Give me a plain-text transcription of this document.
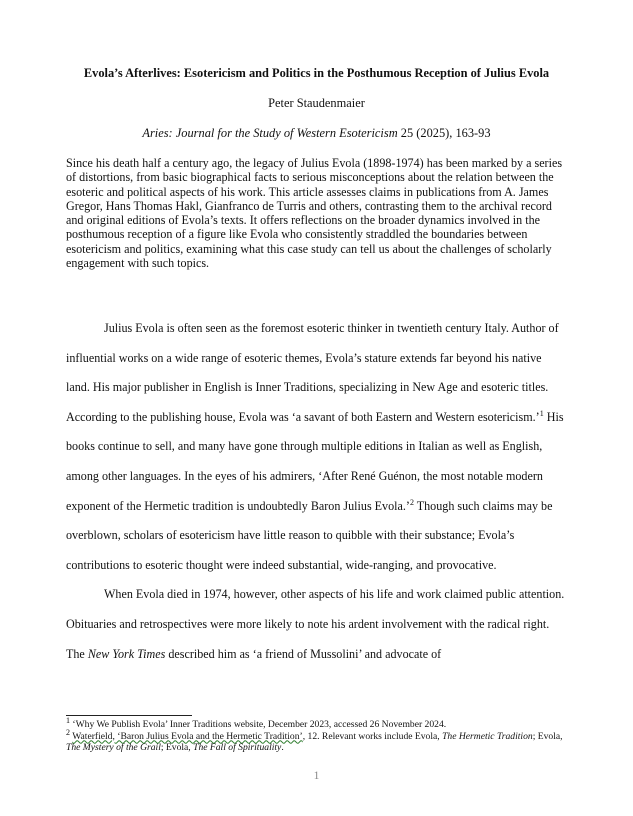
Evola’s Afterlives: Esotericism and Politics in the Posthumous Reception of Julius Evola
Peter Staudenmaier
Aries: Journal for the Study of Western Esotericism 25 (2025), 163-93
Since his death half a century ago, the legacy of Julius Evola (1898-1974) has been marked by a series of distortions, from basic biographical facts to serious misconceptions about the relation between the esoteric and political aspects of his work. This article assesses claims in publications from A. James Gregor, Hans Thomas Hakl, Gianfranco de Turris and others, contrasting them to the archival record and original editions of Evola’s texts. It offers reflections on the broader dynamics involved in the posthumous reception of a figure like Evola who consistently straddled the boundaries between esotericism and politics, examining what this case study can tell us about the challenges of scholarly engagement with such topics.

Julius Evola is often seen as the foremost esoteric thinker in twentieth century Italy. Author of influential works on a wide range of esoteric themes, Evola’s stature extends far beyond his native land. His major publisher in English is Inner Traditions, specializing in New Age and esoteric titles. According to the publishing house, Evola was ‘a savant of both Eastern and Western esotericism.’$^1$ His books continue to sell, and many have gone through multiple editions in Italian as well as English, among other languages. In the eyes of his admirers, ‘After René Guénon, the most notable modern exponent of the Hermetic tradition is undoubtedly Baron Julius Evola.’$^2$ Though such claims may be overblown, scholars of esotericism have little reason to quibble with their substance; Evola’s contributions to esoteric thought were indeed substantial, wide-ranging, and provocative.

When Evola died in 1974, however, other aspects of his life and work claimed public attention. Obituaries and retrospectives were more likely to note his ardent involvement with the radical right. The New York Times described him as ‘a friend of Mussolini’ and advocate of

$^1$ ‘Why We Publish Evola’ Inner Traditions website, December 2023, accessed 26 November 2024.

$^2$ Waterfield, ‘Baron Julius Evola and the Hermetic Tradition’, 12. Relevant works include Evola, The Hermetic Tradition; Evola, The Mystery of the Grail; Evola, The Fall of Spirituality.

1
